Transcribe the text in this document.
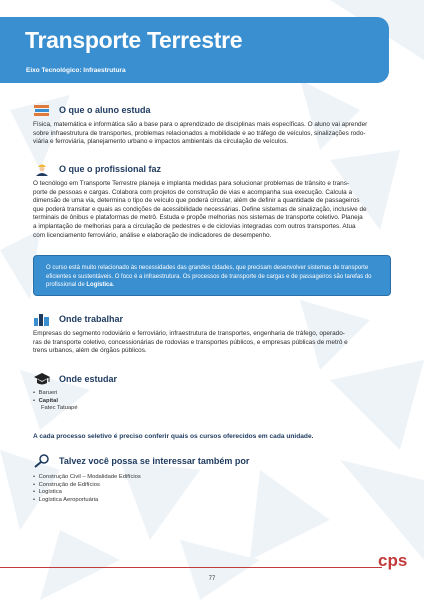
Transporte Terrestre
Eixo Tecnológico: Infraestrutura
O que o aluno estuda
Física, matemática e informática são a base para o aprendizado de disciplinas mais específicas. O aluno vai aprender
sobre infraestrutura de transportes, problemas relacionados a mobilidade e ao tráfego de veículos, sinalizações rodo-
viária e ferroviária, planejamento urbano e impactos ambientais da circulação de veículos.
O que o profissional faz
O tecnólogo em Transporte Terrestre planeja e implanta medidas para solucionar problemas de trânsito e trans-
porte de pessoas e cargas. Colabora com projetos de construção de vias e acompanha sua execução. Calcula a
dimensão de uma via, determina o tipo de veículo que poderá circular, além de definir a quantidade de passageiros
que poderá transitar e quais as condições de acessibilidade necessárias. Define sistemas de sinalização, inclusive de
terminais de ônibus e plataformas de metrô. Estuda e propõe melhorias nos sistemas de transporte coletivo. Planeja
a implantação de melhorias para a circulação de pedestres e de ciclovias integradas com outros transportes. Atua
com licenciamento ferroviário, análise e elaboração de indicadores de desempenho.
O curso está muito relacionado às necessidades das grandes cidades, que precisam desenvolver sistemas de transporte
eficientes e sustentáveis. O foco é a infraestrutura. Os processos de transporte de cargas e de passageiros são tarefas do
profissional de Logística.
Onde trabalhar
Empresas do segmento rodoviário e ferroviário, infraestrutura de transportes, engenharia de tráfego, operado-
ras de transporte coletivo, concessionárias de rodovias e transportes públicos, e empresas públicas de metrô e
trens urbanos, além de órgãos públicos.
Onde estudar
• Barueri
• Capital
Fatec Tatuapé
A cada processo seletivo é preciso conferir quais os cursos oferecidos em cada unidade.
Talvez você possa se interessar também por
• Construção Civil – Modalidade Edifícios
• Construção de Edifícios
• Logística
• Logística Aeroportuária
cps
77
